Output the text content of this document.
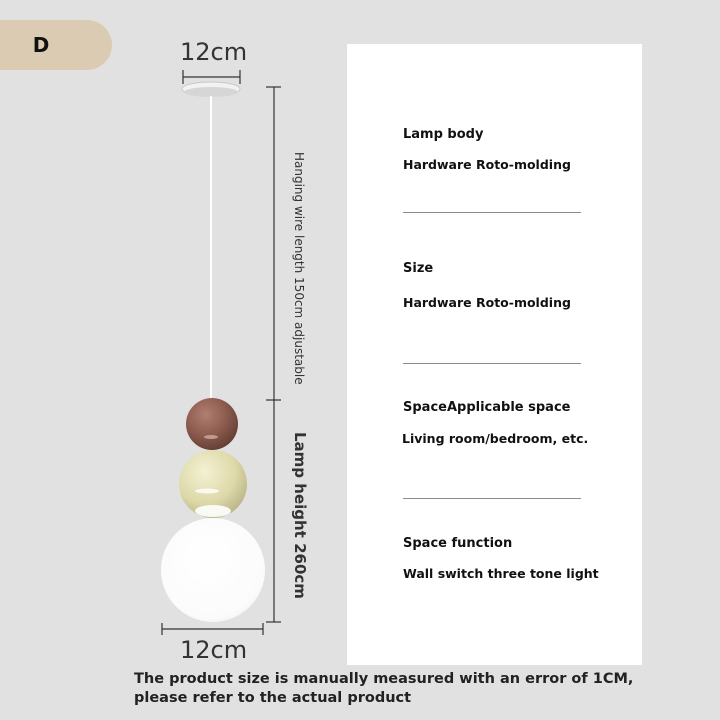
D	12cm
Hanging wire length 150cm adjustable
Lamp height 260cm
12cm
Lamp body
Hardware Roto-molding
Size
Hardware Roto-molding
SpaceApplicable space
Living room/bedroom, etc.
Space function
Wall switch three tone light
The product size is manually measured with an error of 1CM, please refer to the actual product
